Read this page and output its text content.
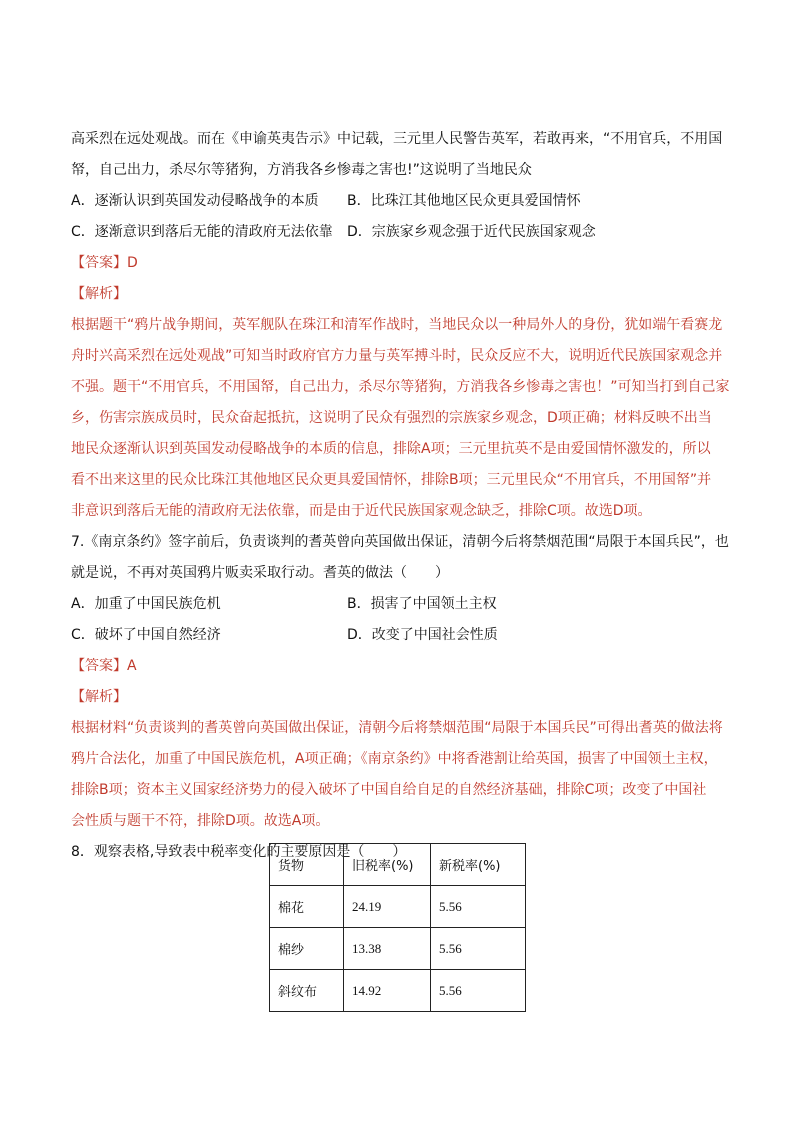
高采烈在远处观战。而在《申谕英夷告示》中记载，三元里人民警告英军，若敢再来，“不用官兵，不用国
帑，自己出力，杀尽尔等猪狗，方消我各乡惨毒之害也!”这说明了当地民众
A．逐渐认识到英国发动侵略战争的本质 B．比珠江其他地区民众更具爱国情怀
C．逐渐意识到落后无能的清政府无法依靠 D．宗族家乡观念强于近代民族国家观念
【答案】D
【解析】
根据题干“鸦片战争期间，英军舰队在珠江和清军作战时，当地民众以一种局外人的身份，犹如端午看赛龙
舟时兴高采烈在远处观战”可知当时政府官方力量与英军搏斗时，民众反应不大，说明近代民族国家观念并
不强。题干“不用官兵，不用国帑，自己出力，杀尽尔等猪狗，方消我各乡惨毒之害也！”可知当打到自己家
乡，伤害宗族成员时，民众奋起抵抗，这说明了民众有强烈的宗族家乡观念，D项正确；材料反映不出当
地民众逐渐认识到英国发动侵略战争的本质的信息，排除A项；三元里抗英不是由爱国情怀激发的，所以
看不出来这里的民众比珠江其他地区民众更具爱国情怀，排除B项；三元里民众“不用官兵，不用国帑”并
非意识到落后无能的清政府无法依靠，而是由于近代民族国家观念缺乏，排除C项。故选D项。
7.《南京条约》签字前后，负责谈判的耆英曾向英国做出保证，清朝今后将禁烟范围“局限于本国兵民”，也
就是说，不再对英国鸦片贩卖采取行动。耆英的做法（　　）
A．加重了中国民族危机	B．损害了中国领土主权
C．破坏了中国自然经济	D．改变了中国社会性质
【答案】A
【解析】
根据材料“负责谈判的耆英曾向英国做出保证，清朝今后将禁烟范围“局限于本国兵民”可得出耆英的做法将
鸦片合法化，加重了中国民族危机，A项正确；《南京条约》中将香港割让给英国，损害了中国领土主权，
排除B项；资本主义国家经济势力的侵入破坏了中国自给自足的自然经济基础，排除C项；改变了中国社
会性质与题干不符，排除D项。故选A项。
8．观察表格,导致表中税率变化的主要原因是（　　）
货物	旧税率(%)	新税率(%)
棉花	24.19	5.56
棉纱	13.38	5.56
斜纹布	14.92	5.56
